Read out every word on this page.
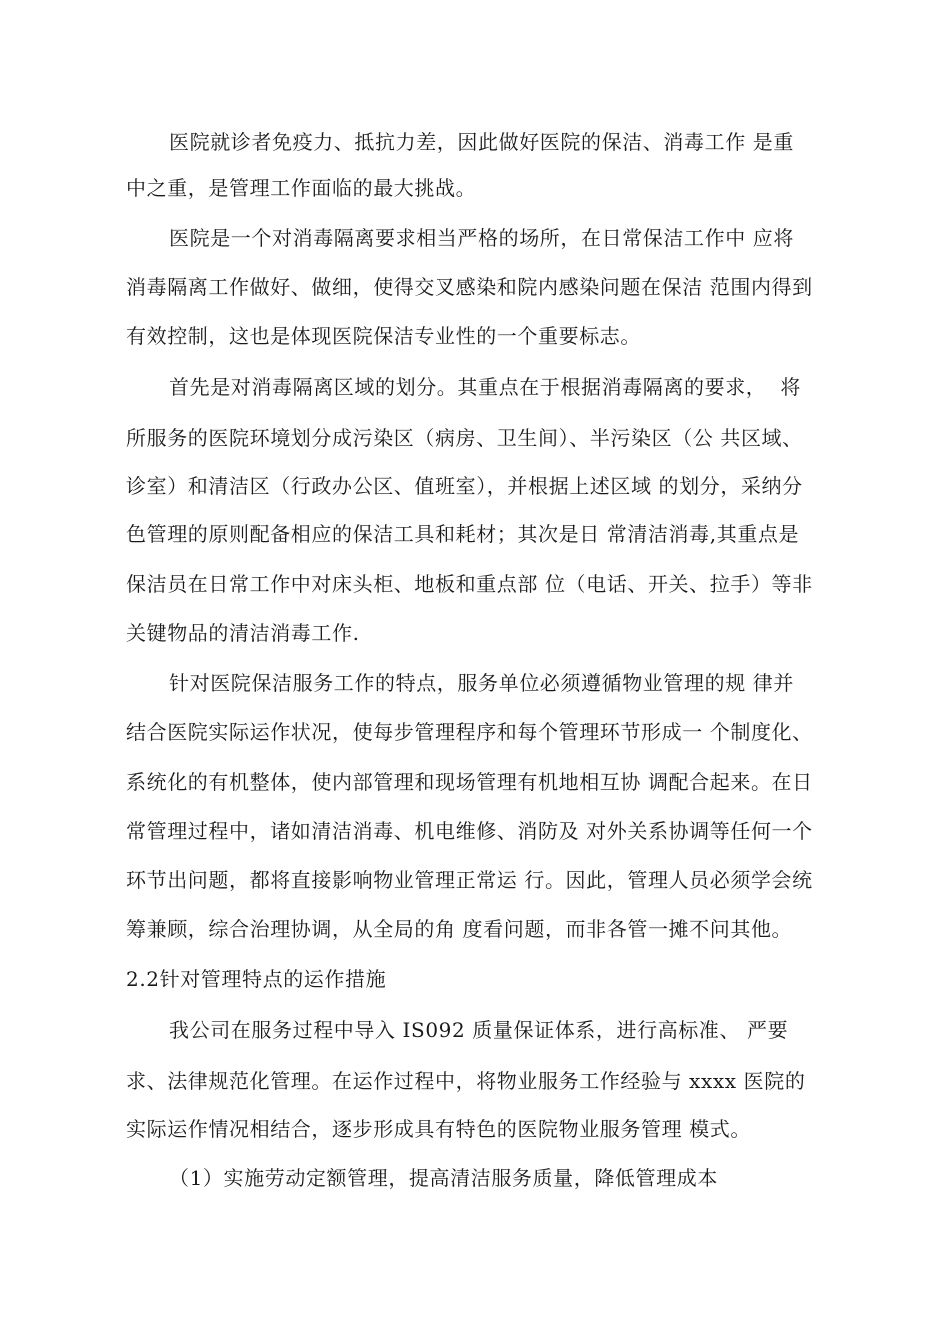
医院就诊者免疫力、抵抗力差，因此做好医院的保洁、消毒工作 是重
中之重，是管理工作面临的最大挑战。
医院是一个对消毒隔离要求相当严格的场所，在日常保洁工作中 应将
消毒隔离工作做好、做细，使得交叉感染和院内感染问题在保洁 范围内得到
有效控制，这也是体现医院保洁专业性的一个重要标志。
首先是对消毒隔离区域的划分。其重点在于根据消毒隔离的要求，  将
所服务的医院环境划分成污染区（病房、卫生间）、半污染区（公 共区域、
诊室）和清洁区（行政办公区、值班室），并根据上述区域 的划分，采纳分
色管理的原则配备相应的保洁工具和耗材；其次是日 常清洁消毒,其重点是
保洁员在日常工作中对床头柜、地板和重点部 位（电话、开关、拉手）等非
关键物品的清洁消毒工作.
针对医院保洁服务工作的特点，服务单位必须遵循物业管理的规 律并
结合医院实际运作状况，使每步管理程序和每个管理环节形成一 个制度化、
系统化的有机整体，使内部管理和现场管理有机地相互协 调配合起来。在日
常管理过程中，诸如清洁消毒、机电维修、消防及 对外关系协调等任何一个
环节出问题，都将直接影响物业管理正常运 行。因此，管理人员必须学会统
筹兼顾，综合治理协调，从全局的角 度看问题，而非各管一摊不问其他。
2.2针对管理特点的运作措施
我公司在服务过程中导入 IS092 质量保证体系，进行高标准、 严要
求、法律规范化管理。在运作过程中，将物业服务工作经验与 xxxx 医院的
实际运作情况相结合，逐步形成具有特色的医院物业服务管理 模式。
（1）实施劳动定额管理，提高清洁服务质量，降低管理成本
